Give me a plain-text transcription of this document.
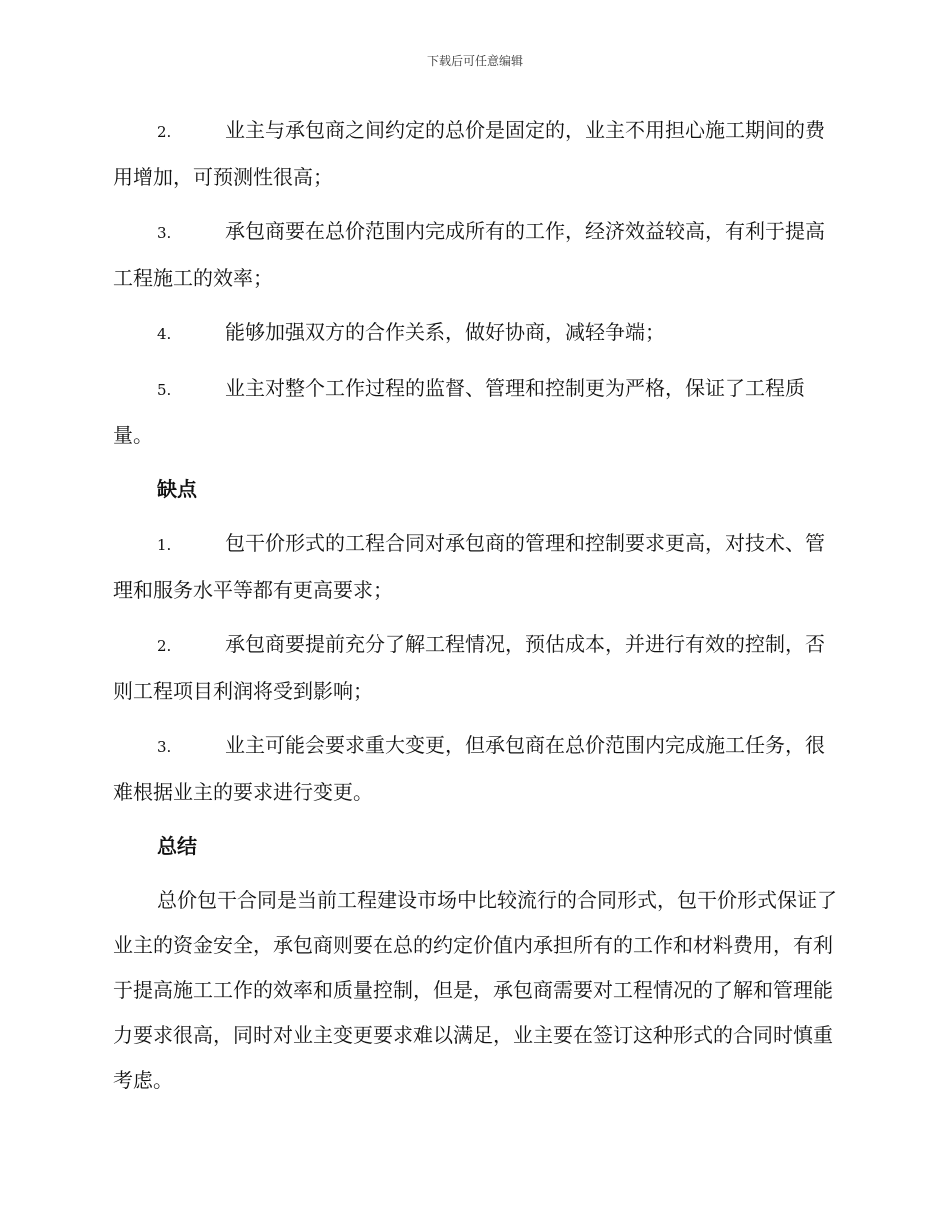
下载后可任意编辑

2.	业主与承包商之间约定的总价是固定的，业主不用担心施工期间的费用增加，可预测性很高；

3.	承包商要在总价范围内完成所有的工作，经济效益较高，有利于提高工程施工的效率；

4.	能够加强双方的合作关系，做好协商，减轻争端；

5.	业主对整个工作过程的监督、管理和控制更为严格，保证了工程质量。

缺点

1.	包干价形式的工程合同对承包商的管理和控制要求更高，对技术、管理和服务水平等都有更高要求；

2.	承包商要提前充分了解工程情况，预估成本，并进行有效的控制，否则工程项目利润将受到影响；

3.	业主可能会要求重大变更，但承包商在总价范围内完成施工任务，很难根据业主的要求进行变更。

总结

总价包干合同是当前工程建设市场中比较流行的合同形式，包干价形式保证了业主的资金安全，承包商则要在总的约定价值内承担所有的工作和材料费用，有利于提高施工工作的效率和质量控制，但是，承包商需要对工程情况的了解和管理能力要求很高，同时对业主变更要求难以满足，业主要在签订这种形式的合同时慎重考虑。
